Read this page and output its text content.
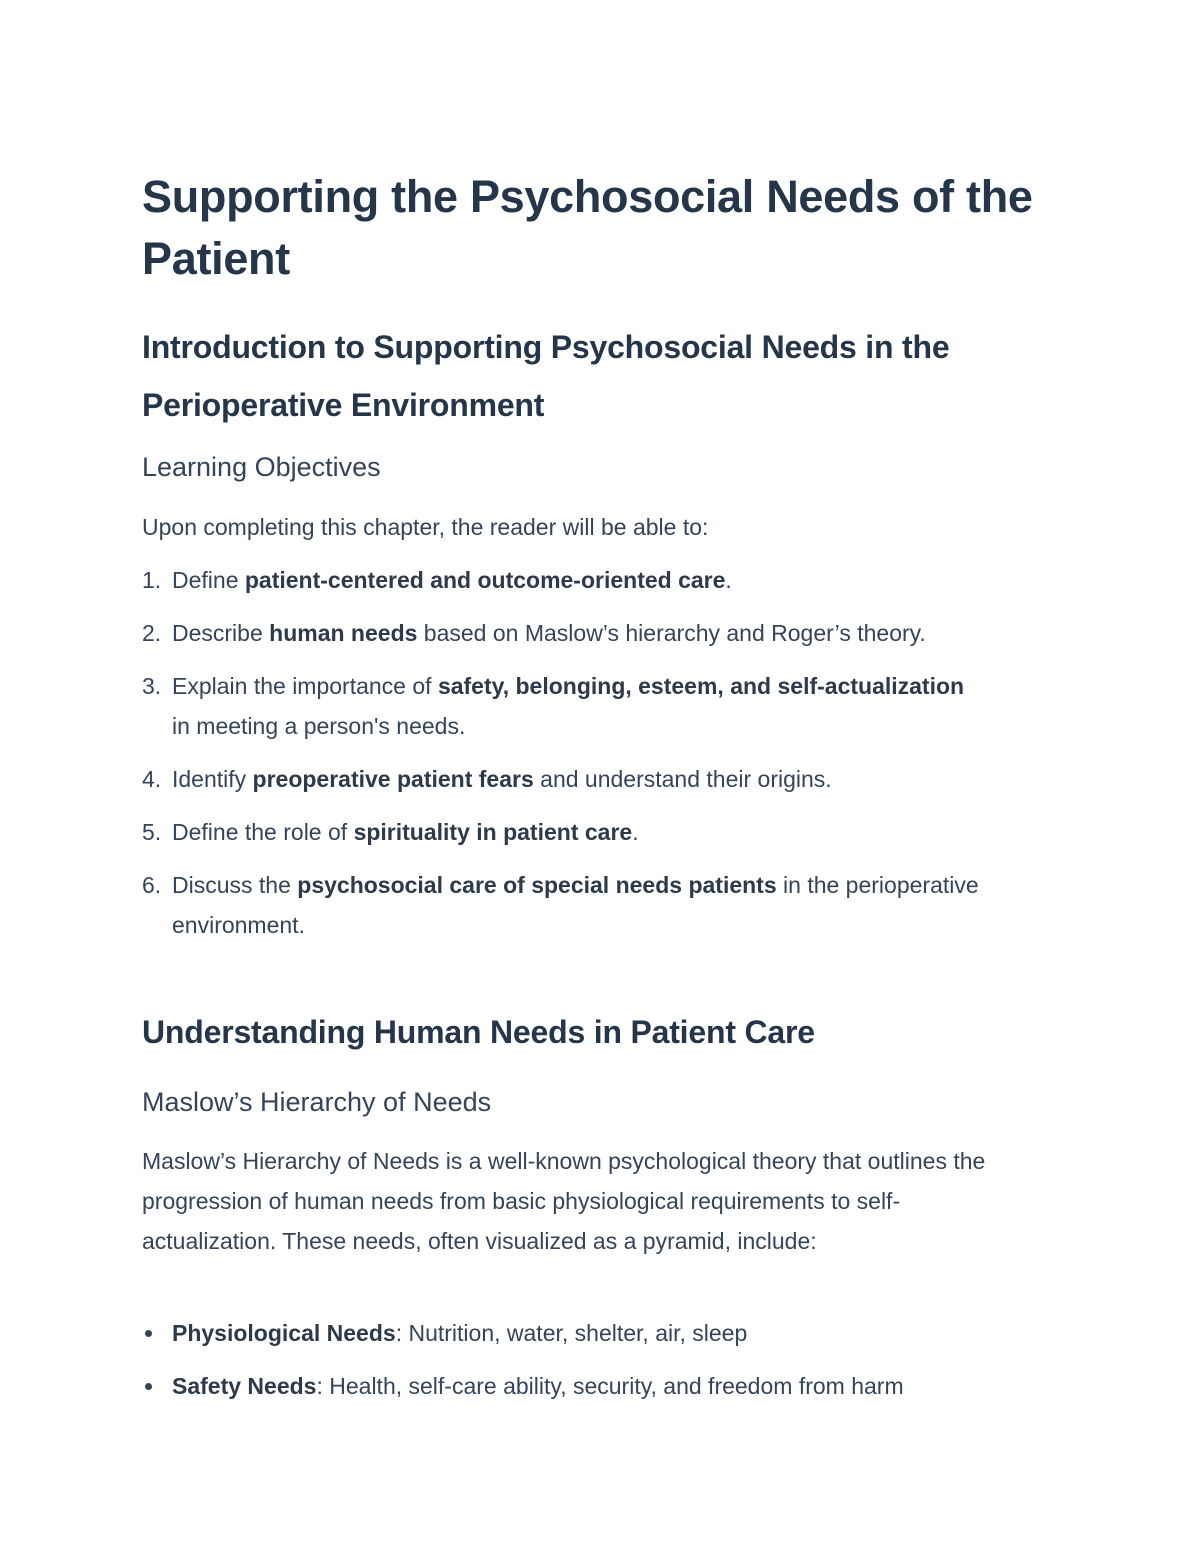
Supporting the Psychosocial Needs of the Patient
Introduction to Supporting Psychosocial Needs in the Perioperative Environment
Learning Objectives

Upon completing this chapter, the reader will be able to:

1. Define patient-centered and outcome-oriented care.
2. Describe human needs based on Maslow’s hierarchy and Roger’s theory.
3. Explain the importance of safety, belonging, esteem, and self-actualization in meeting a person's needs.
4. Identify preoperative patient fears and understand their origins.
5. Define the role of spirituality in patient care.
6. Discuss the psychosocial care of special needs patients in the perioperative environment.
Understanding Human Needs in Patient Care
Maslow’s Hierarchy of Needs

Maslow’s Hierarchy of Needs is a well-known psychological theory that outlines the progression of human needs from basic physiological requirements to self-actualization. These needs, often visualized as a pyramid, include:

Physiological Needs: Nutrition, water, shelter, air, sleep
Safety Needs: Health, self-care ability, security, and freedom from harm
